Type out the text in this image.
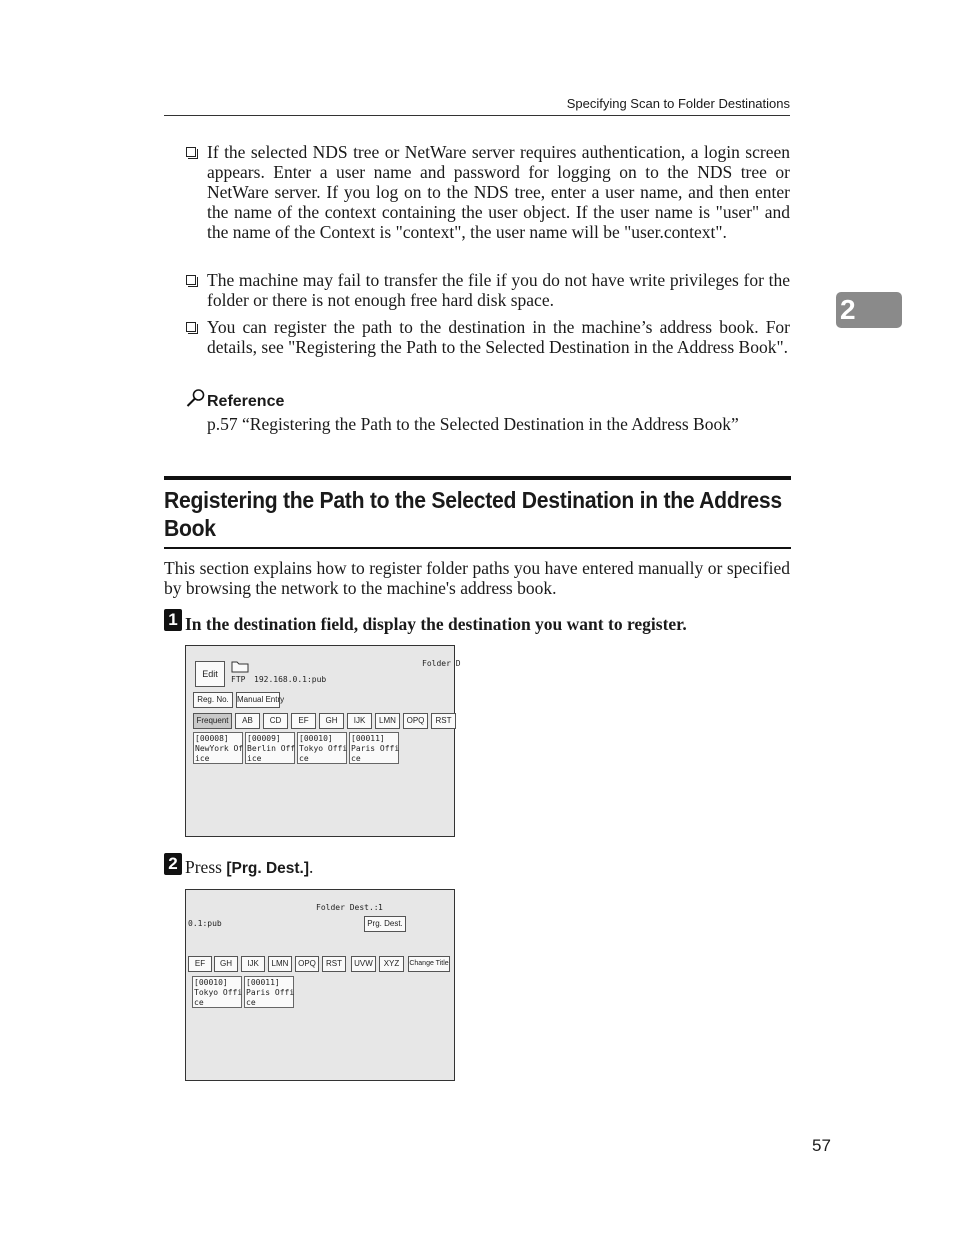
Specifying Scan to Folder Destinations
2
If the selected NDS tree or NetWare server requires authentication, a login screen appears. Enter a user name and password for logging on to the NDS tree or NetWare server. If you log on to the NDS tree, enter a user name, and then enter the name of the context containing the user object. If the user name is "user" and the name of the Context is "context", the user name will be "user.context".
The machine may fail to transfer the file if you do not have write privileges for the folder or there is not enough free hard disk space.
You can register the path to the destination in the machine’s address book. For details, see "Registering the Path to the Selected Destination in the Address Book".
Reference
p.57 “Registering the Path to the Selected Destination in the Address Book”
Registering the Path to the Selected Destination in the Address Book
This section explains how to register folder paths you have entered manually or specified by browsing the network to the machine's address book.
1 In the destination field, display the destination you want to register.
Edit
FTP 192.168.0.1:pub
Folder D
Reg. No.	Manual Entry
Frequent	AB	CD	EF	GH	IJK	LMN	OPQ	RST
[00008]
NewYork Of
ice
[00009]
Berlin Off
ice
[00010]
Tokyo Offi
ce
[00011]
Paris Offi
ce
2 Press [Prg. Dest.].
Folder Dest.: 1
0.1:pub	Prg. Dest.
EF	GH	IJK	LMN	OPQ	RST	UVW	XYZ	Change Title
[00010]
Tokyo Offi
ce
[00011]
Paris Offi
ce
57
